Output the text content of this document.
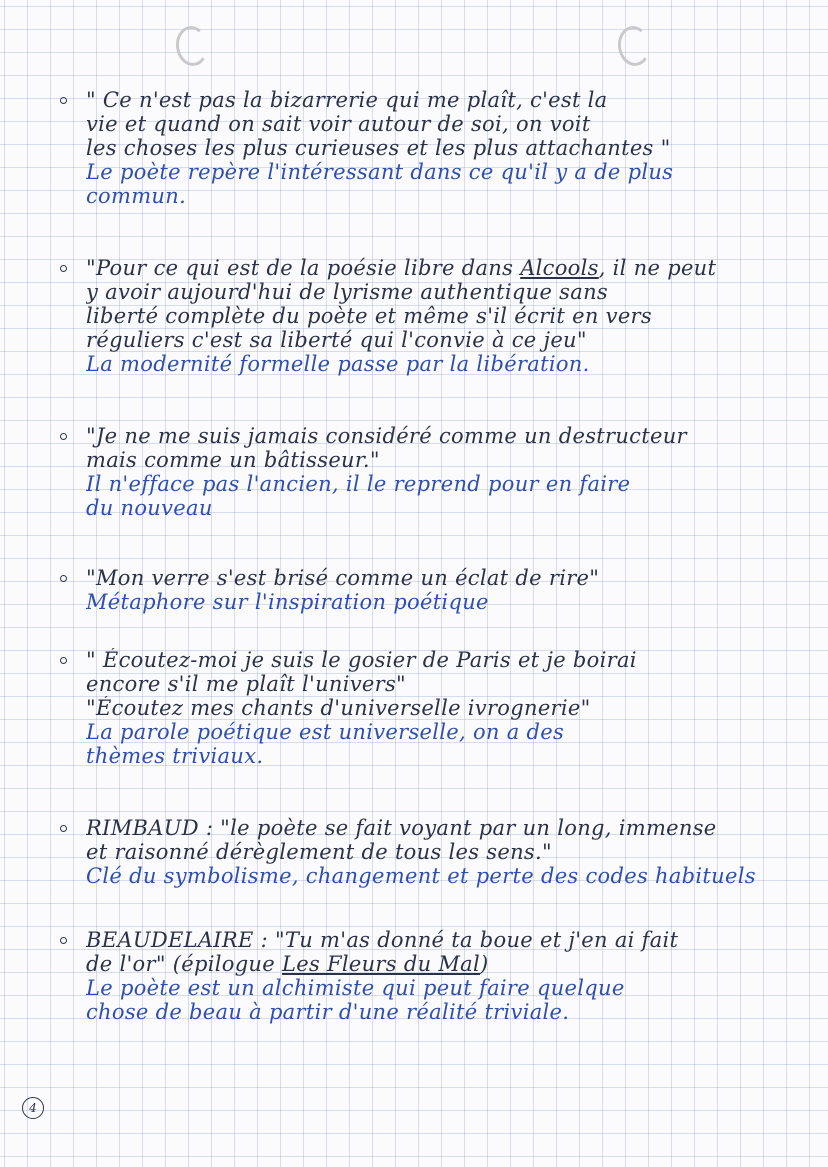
" Ce n'est pas la bizarrerie qui me plaît, c'est la
vie et quand on sait voir autour de soi, on voit
les choses les plus curieuses et les plus attachantes "
Le poète repère l'intéressant dans ce qu'il y a de plus
commun.
"Pour ce qui est de la poésie libre dans Alcools, il ne peut
y avoir aujourd'hui de lyrisme authentique sans
liberté complète du poète et même s'il écrit en vers
réguliers c'est sa liberté qui l'convie à ce jeu"
La modernité formelle passe par la libération.
"Je ne me suis jamais considéré comme un destructeur
mais comme un bâtisseur."
Il n'efface pas l'ancien, il le reprend pour en faire
du nouveau
"Mon verre s'est brisé comme un éclat de rire"
Métaphore sur l'inspiration poétique
" Écoutez-moi je suis le gosier de Paris et je boirai
encore s'il me plaît l'univers"
"Écoutez mes chants d'universelle ivrognerie"
La parole poétique est universelle, on a des
thèmes triviaux.
RIMBAUD : "le poète se fait voyant par un long, immense
et raisonné dérèglement de tous les sens."
Clé du symbolisme, changement et perte des codes habituels
BEAUDELAIRE : "Tu m'as donné ta boue et j'en ai fait
de l'or" (épilogue Les Fleurs du Mal)
Le poète est un alchimiste qui peut faire quelque
chose de beau à partir d'une réalité triviale.
4
